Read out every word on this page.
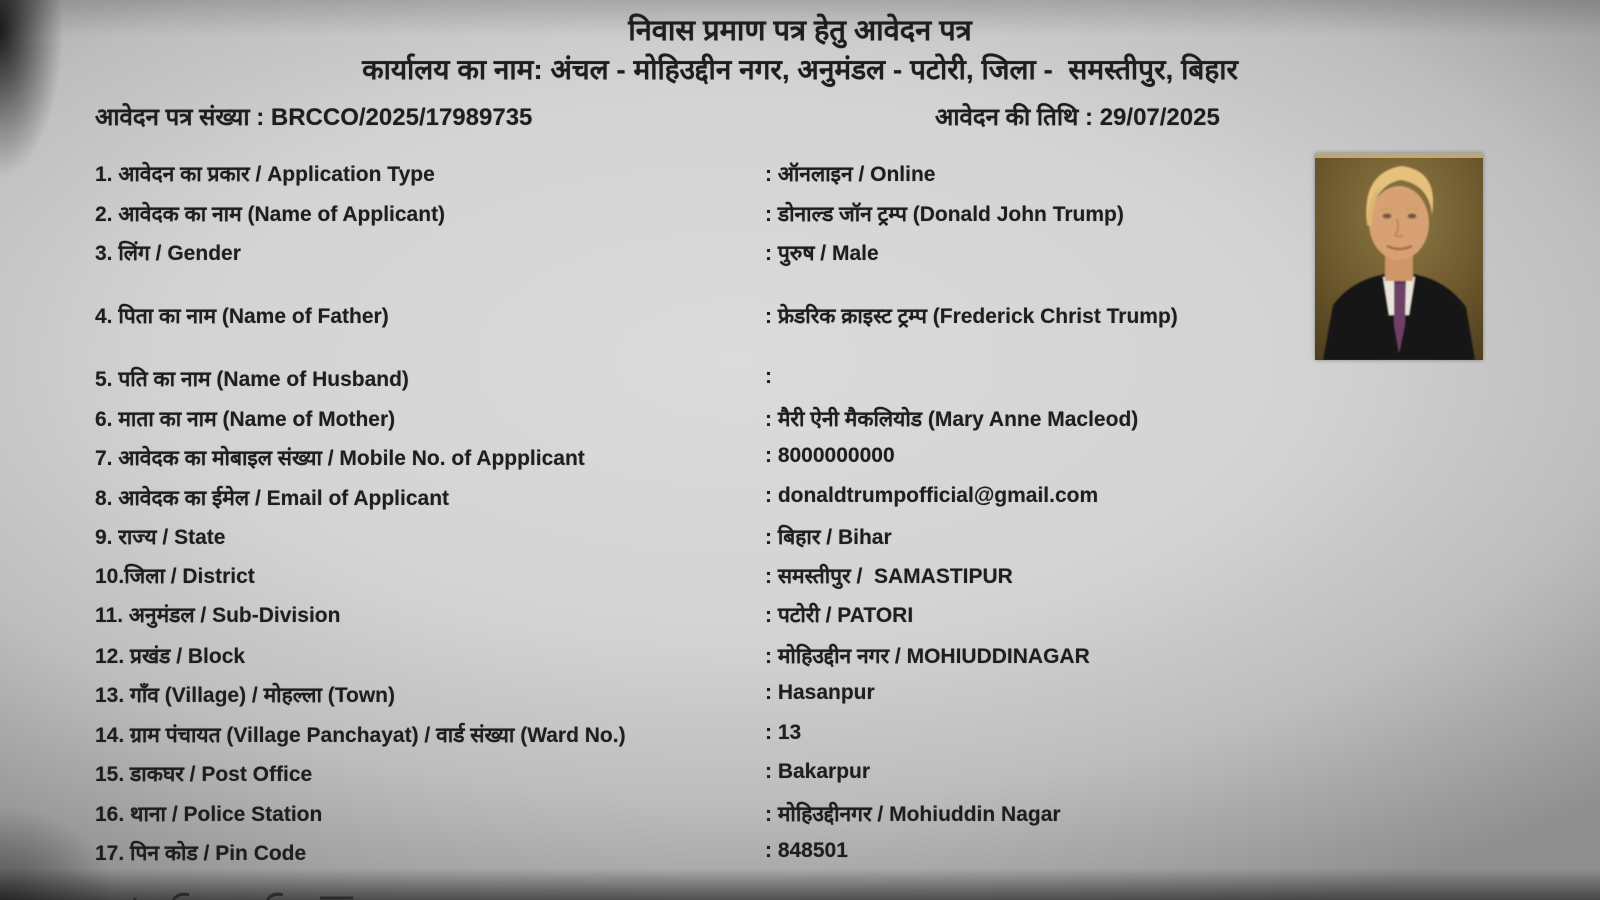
निवास प्रमाण पत्र हेतु आवेदन पत्र
कार्यालय का नाम: अंचल - मोहिउद्दीन नगर, अनुमंडल - पटोरी, जिला -  समस्तीपुर, बिहार
आवेदन पत्र संख्या : BRCCO/2025/17989735	आवेदन की तिथि : 29/07/2025
1. आवेदन का प्रकार / Application Type	: ऑनलाइन / Online
2. आवेदक का नाम (Name of Applicant)	: डोनाल्ड जॉन ट्रम्प (Donald John Trump)
3. लिंग / Gender	: पुरुष / Male
4. पिता का नाम (Name of Father)	: फ्रेडरिक क्राइस्ट ट्रम्प (Frederick Christ Trump)
5. पति का नाम (Name of Husband)	:
6. माता का नाम (Name of Mother)	: मैरी ऐनी मैकलियोड (Mary Anne Macleod)
7. आवेदक का मोबाइल संख्या / Mobile No. of Appplicant	: 8000000000
8. आवेदक का ईमेल / Email of Applicant	: donaldtrumpofficial@gmail.com
9. राज्य / State	: बिहार / Bihar
10.जिला / District	: समस्तीपुर /  SAMASTIPUR
11. अनुमंडल / Sub-Division	: पटोरी / PATORI
12. प्रखंड / Block	: मोहिउद्दीन नगर / MOHIUDDINAGAR
13. गाँव (Village) / मोहल्ला (Town)	: Hasanpur
14. ग्राम पंचायत (Village Panchayat) / वार्ड संख्या (Ward No.)	: 13
15. डाकघर / Post Office	: Bakarpur
16. थाना / Police Station	: मोहिउद्दीनगर / Mohiuddin Nagar
17. पिन कोड / Pin Code	: 848501
